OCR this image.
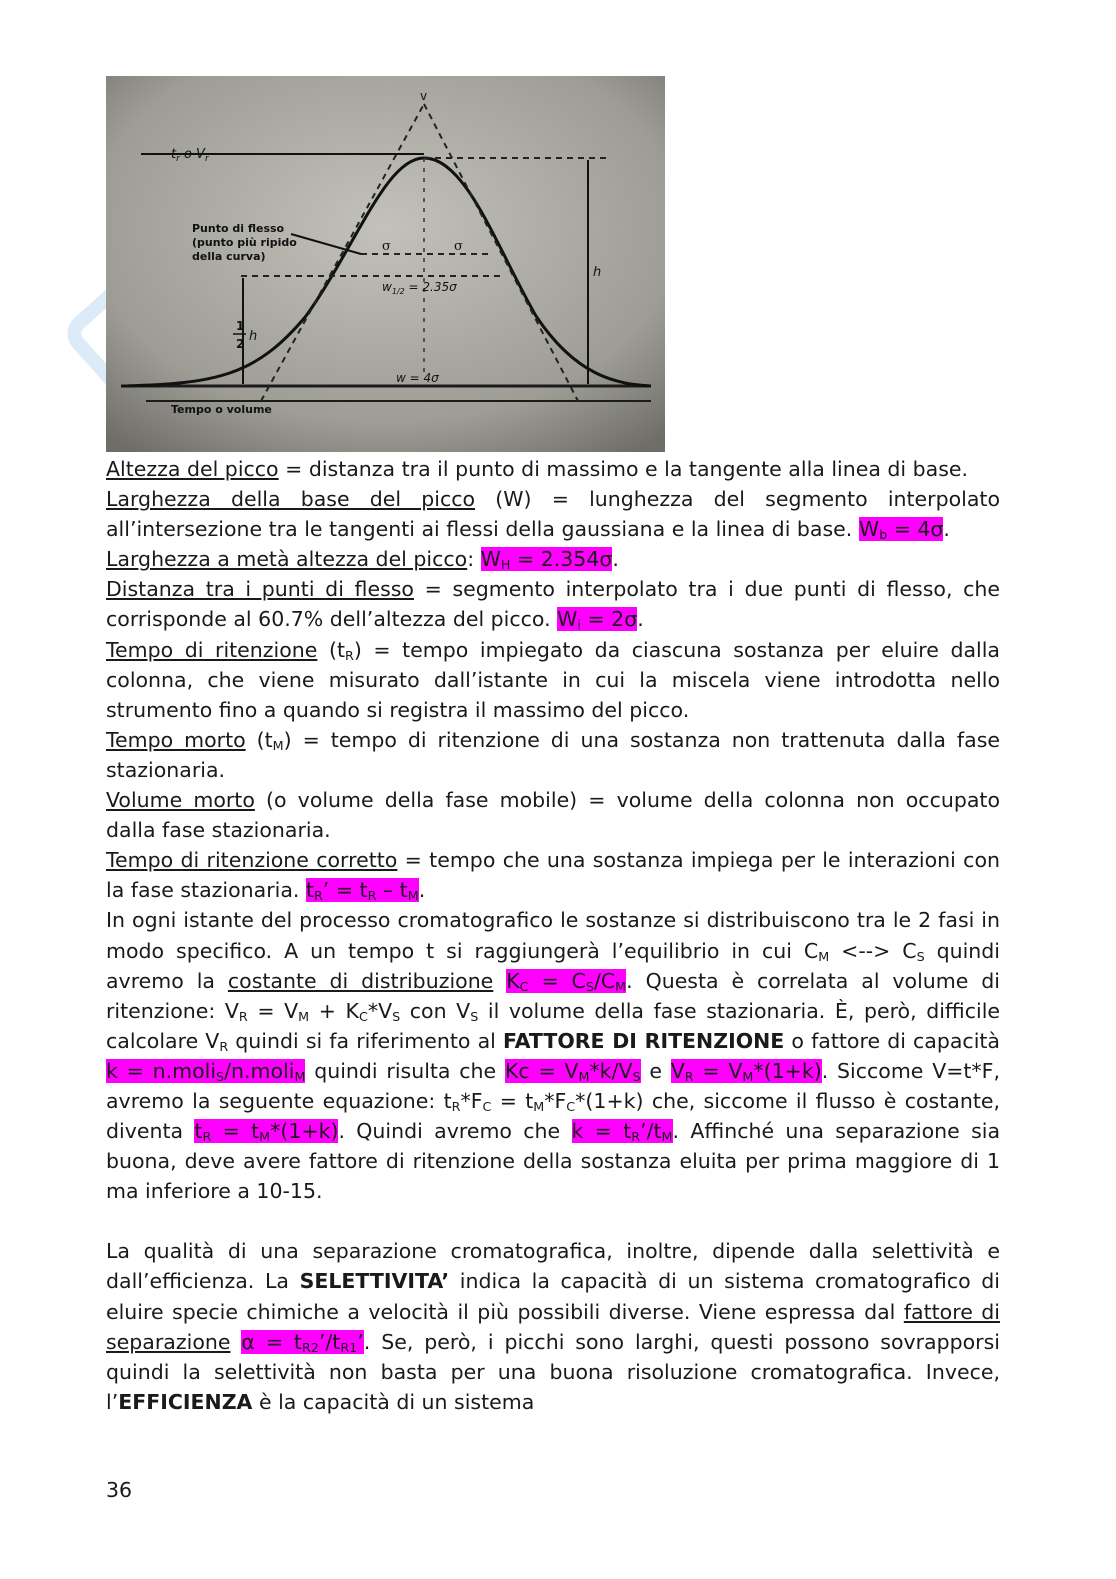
$t_r$ o $V_r$
v
Punto di flesso (punto più ripido della curva)
σ	σ
$w_{1/2} = 2.35\sigma$
1
2 h
h
w = 4σ
Tempo o volume

Altezza del picco = distanza tra il punto di massimo e la tangente alla linea di base.

Larghezza della base del picco (W) = lunghezza del segmento interpolato all’intersezione tra le tangenti ai flessi della gaussiana e la linea di base. $W_b = 4\sigma$.

Larghezza a metà altezza del picco: $W_H = 2.354\sigma$.

Distanza tra i punti di flesso = segmento interpolato tra i due punti di flesso, che corrisponde al 60.7% dell’altezza del picco. $W_i = 2\sigma$.

Tempo di ritenzione $(t_R)$ = tempo impiegato da ciascuna sostanza per eluire dalla colonna, che viene misurato dall’istante in cui la miscela viene introdotta nello strumento fino a quando si registra il massimo del picco.

Tempo morto $(t_M)$ = tempo di ritenzione di una sostanza non trattenuta dalla fase stazionaria.

Volume morto (o volume della fase mobile) = volume della colonna non occupato dalla fase stazionaria.

Tempo di ritenzione corretto = tempo che una sostanza impiega per le interazioni con la fase stazionaria. $t_R$’ = $t_R - t_M$.

In ogni istante del processo cromatografico le sostanze si distribuiscono tra le 2 fasi in modo specifico. A un tempo t si raggiungerà l’equilibrio in cui $C_M$ <--> $C_S$ quindi avremo la costante di distribuzione $K_C = C_S/C_M$. Questa è correlata al volume di ritenzione: $V_R = V_M + K_C*V_S$ con $V_S$ il volume della fase stazionaria. È, però, difficile calcolare $V_R$ quindi si fa riferimento al FATTORE DI RITENZIONE o fattore di capacità k = n.moli$_S$/n.moli$_M$ quindi risulta che $Kc = V_M*k/V_S$ e $V_R = V_M*(1+k)$. Siccome V=t*F, avremo la seguente equazione: $t_R*F_C = t_M*F_C*(1+k)$ che, siccome il flusso è costante, diventa $t_R = t_M*(1+k)$. Quindi avremo che $k = t_R’/t_M$. Affinché una separazione sia buona, deve avere fattore di ritenzione della sostanza eluita per prima maggiore di 1 ma inferiore a 10-15.

La qualità di una separazione cromatografica, inoltre, dipende dalla selettività e dall’efficienza. La SELETTIVITA’ indica la capacità di un sistema cromatografico di eluire specie chimiche a velocità il più possibili diverse. Viene espressa dal fattore di separazione $\alpha = t_{R2}’/t_{R1}$’. Se, però, i picchi sono larghi, questi possono sovrapporsi quindi la selettività non basta per una buona risoluzione cromatografica. Invece, l’EFFICIENZA è la capacità di un sistema

36
